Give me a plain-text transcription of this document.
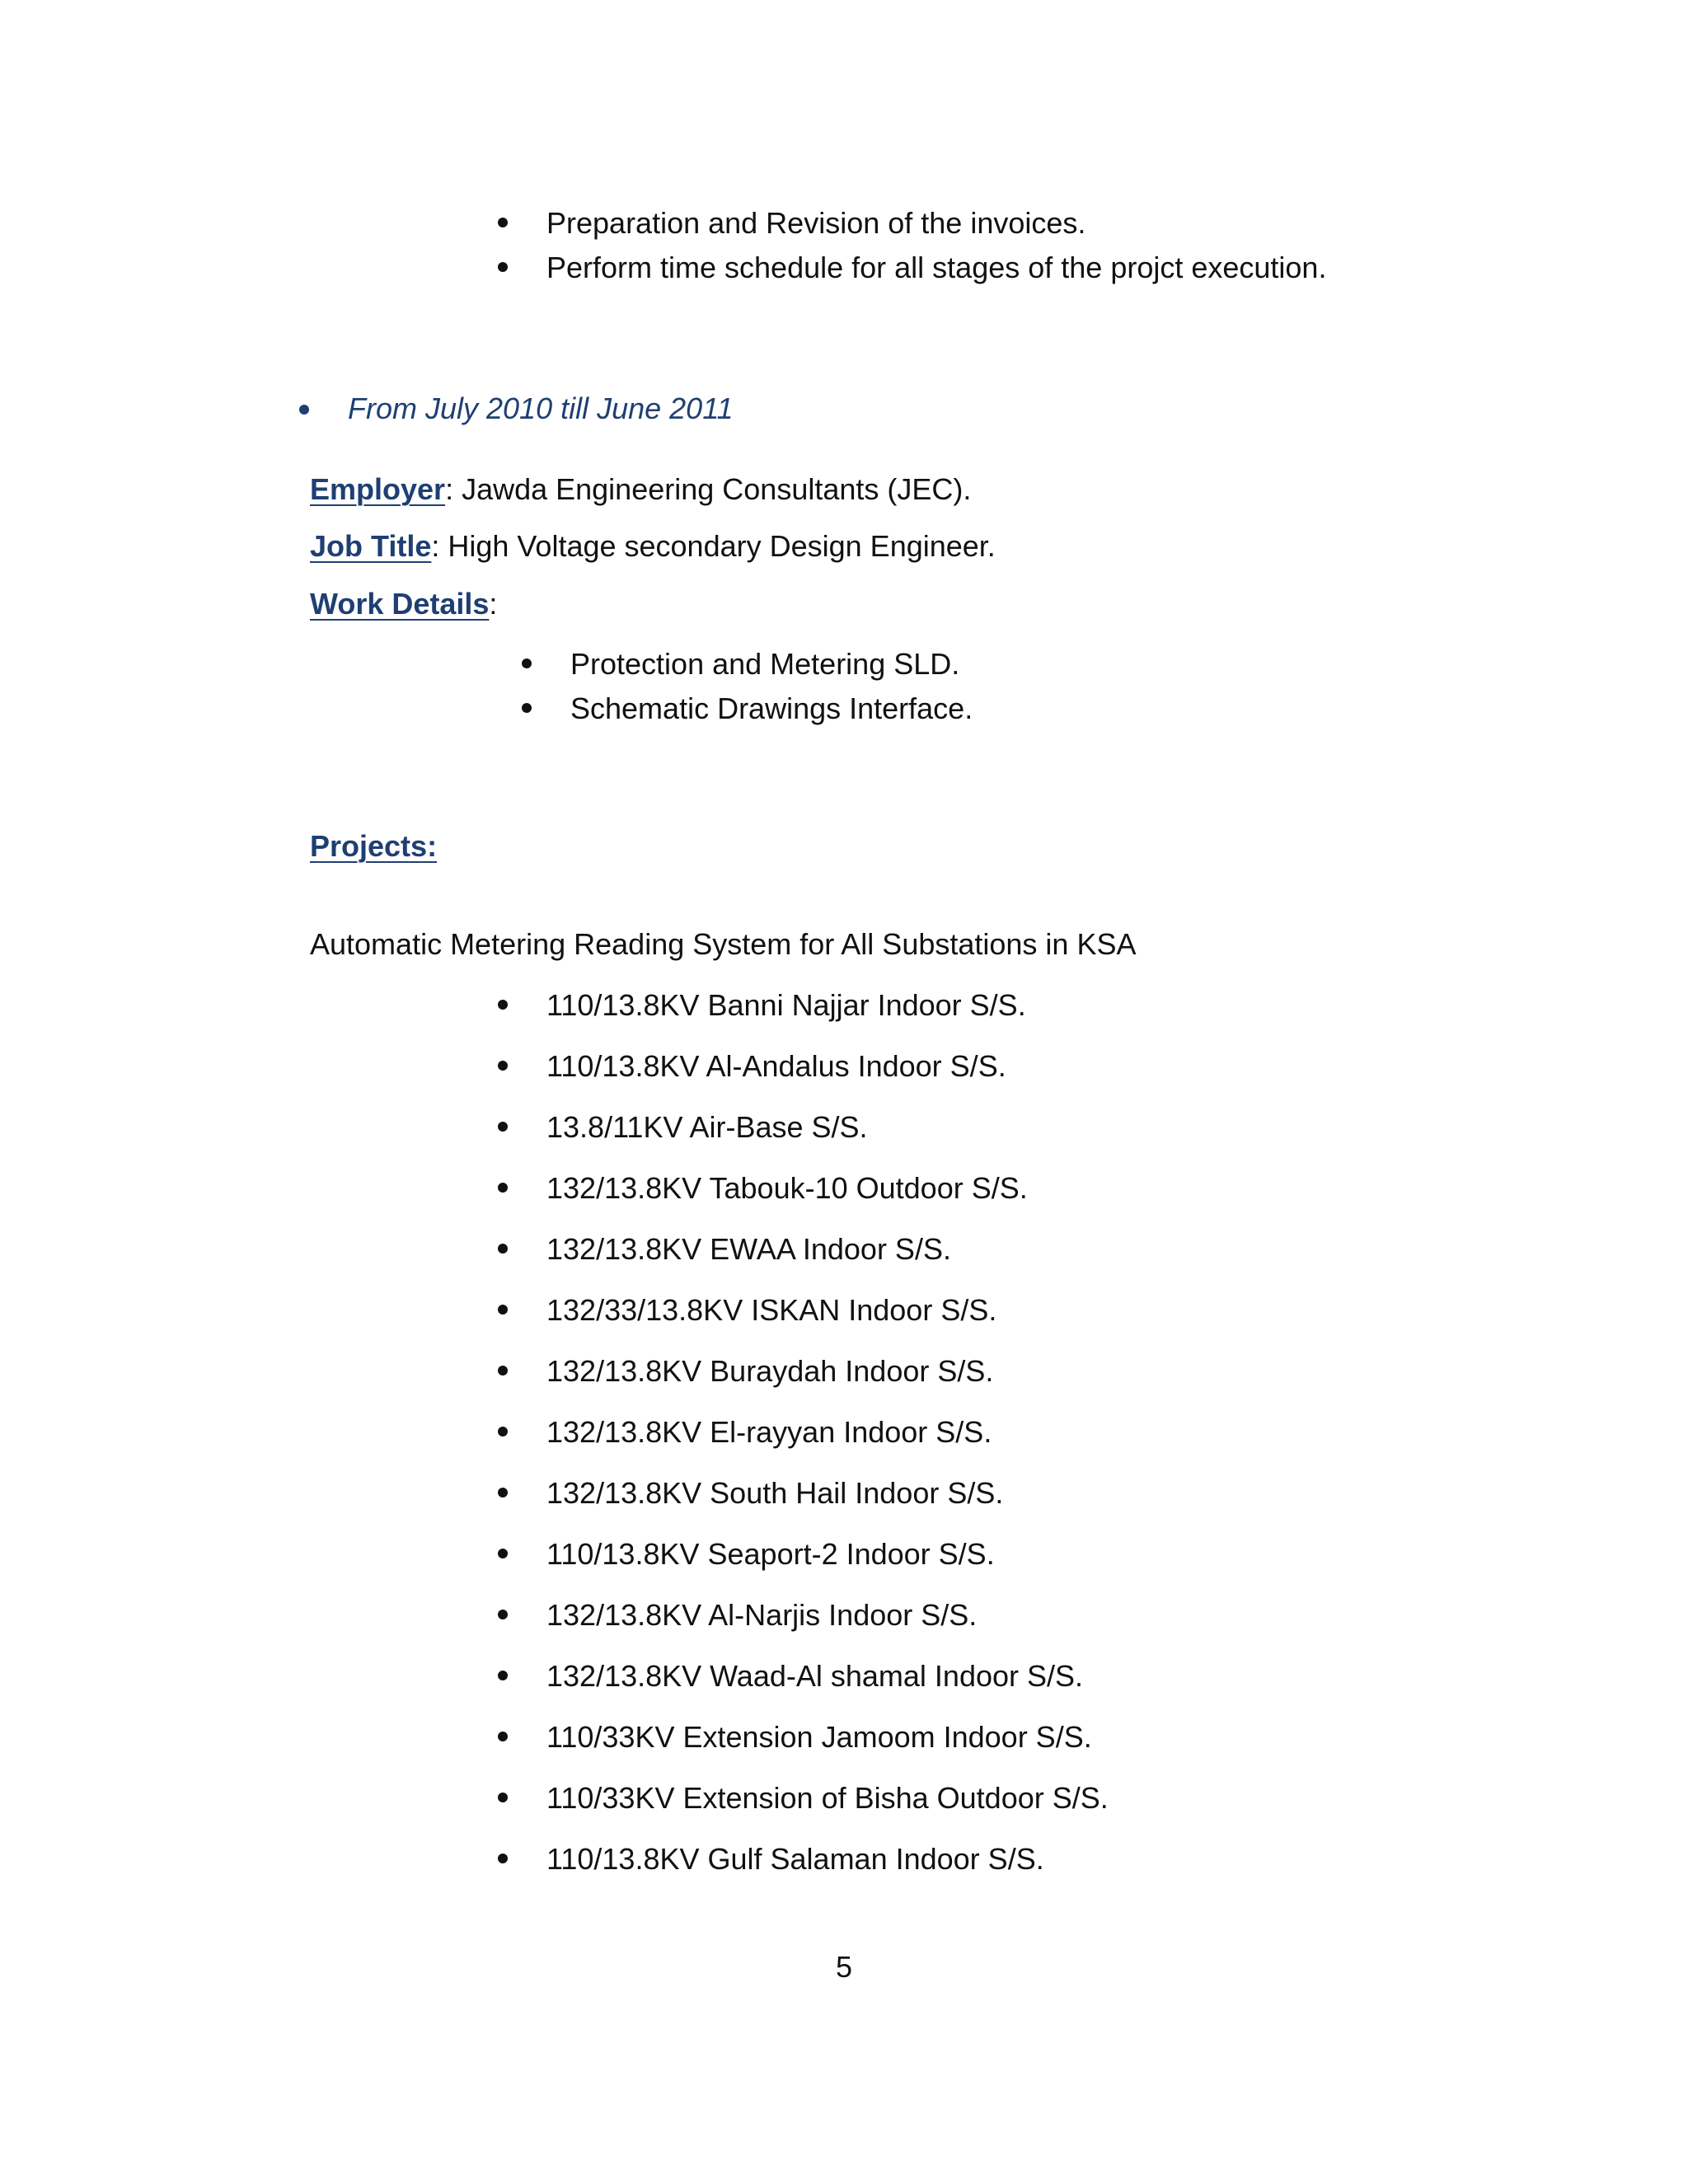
Preparation and Revision of the invoices.
Perform time schedule for all stages of the projct execution.
From July 2010 till June 2011
Employer: Jawda Engineering Consultants (JEC).
Job Title: High Voltage secondary Design Engineer.
Work Details:
Protection and Metering SLD.
Schematic Drawings Interface.
Projects:
Automatic Metering Reading System for All Substations in KSA
110/13.8KV Banni Najjar Indoor S/S.
110/13.8KV Al-Andalus Indoor S/S.
13.8/11KV Air-Base S/S.
132/13.8KV Tabouk-10 Outdoor S/S.
132/13.8KV EWAA Indoor S/S.
132/33/13.8KV ISKAN Indoor S/S.
132/13.8KV Buraydah Indoor S/S.
132/13.8KV El-rayyan Indoor S/S.
132/13.8KV South Hail Indoor S/S.
110/13.8KV Seaport-2 Indoor S/S.
132/13.8KV Al-Narjis Indoor S/S.
132/13.8KV Waad-Al shamal Indoor S/S.
110/33KV Extension Jamoom Indoor S/S.
110/33KV Extension of Bisha Outdoor S/S.
110/13.8KV Gulf Salaman Indoor S/S.
5
